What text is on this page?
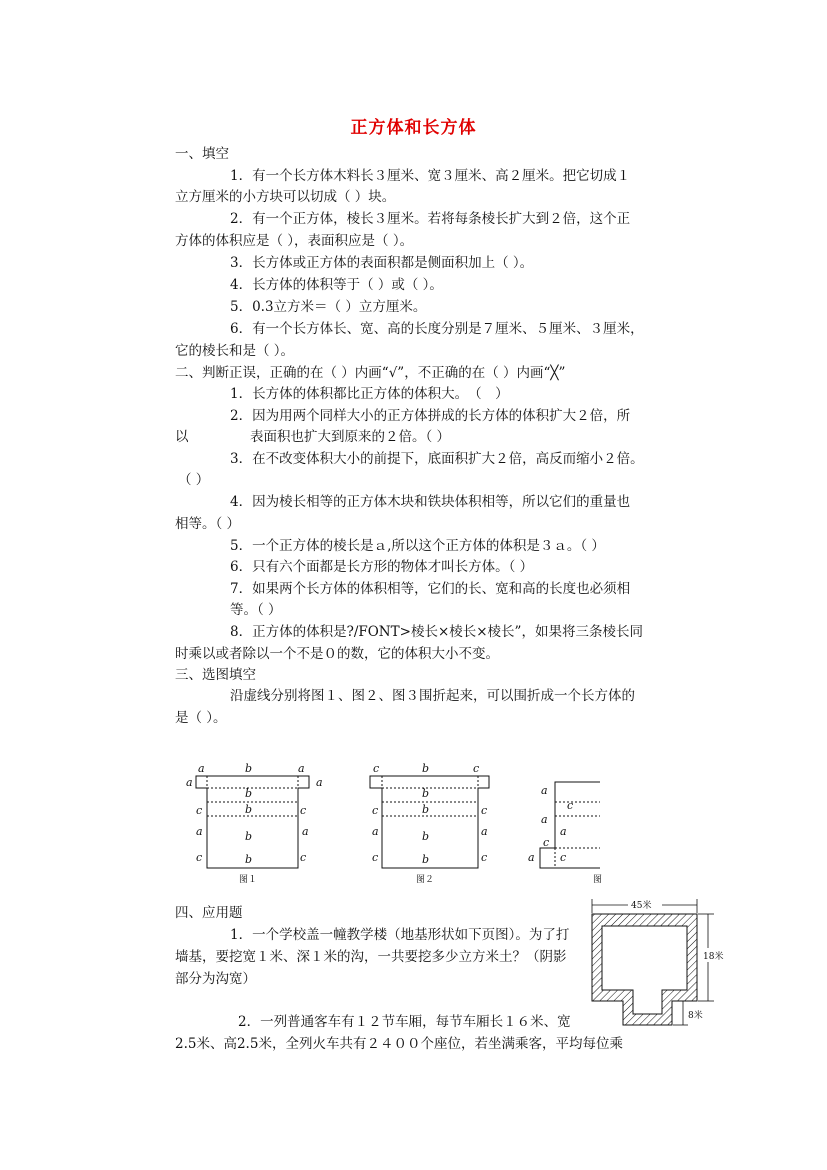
正方体和长方体
一、填空
1．有一个长方体木料长３厘米、宽３厘米、高２厘米。把它切成１
立方厘米的小方块可以切成（ ）块。
2．有一个正方体，棱长３厘米。若将每条棱长扩大到２倍，这个正
方体的体积应是（ ），表面积应是（ ）。
3．长方体或正方体的表面积都是侧面积加上（ ）。
4．长方体的体积等于（ ）或（ ）。
5．0.3立方米＝（ ）立方厘米。
6．有一个长方体长、宽、高的长度分别是７厘米、５厘米、３厘米，
它的棱长和是（ ）。
二、判断正误，正确的在（ ）内画“√”，不正确的在（ ）内画“╳”
1．长方体的体积都比正方体的体积大。　（　）
2．因为用两个同样大小的正方体拼成的长方体的体积扩大２倍，所
以	表面积也扩大到原来的２倍。（ ）
3．在不改变体积大小的前提下，底面积扩大２倍，高反而缩小２倍。
（ ）
4．因为棱长相等的正方体木块和铁块体积相等，所以它们的重量也
相等。（ ）
5．一个正方体的棱长是ａ,所以这个正方体的体积是３ａ。（ ）
6．只有六个面都是长方形的物体才叫长方体。（ ）
7．如果两个长方体的体积相等，它们的长、宽和高的长度也必须相
等。（ ）
8．正方体的体积是?/FONT>棱长×棱长×棱长”，如果将三条棱长同
时乘以或者除以一个不是０的数，它的体积大小不变。
三、选图填空
沿虚线分别将图１、图２、图３围折起来，可以围折成一个长方体的
是（ ）。
a	b	a
a	a
b
c	b	c
a	b	a
c	b	c
图１
c	b	c
b
c	b	c
a	b	a
c	b	c
图２
a
c
a
a
c
a c
图
四、应用题
1．一个学校盖一幢教学楼（地基形状如下页图）。为了打
墙基，要挖宽１米、深１米的沟，一共要挖多少立方米土？（阴影
部分为沟宽）
2．一列普通客车有１２节车厢，每节车厢长１６米、宽
2.5米、高2.5米，全列火车共有２４００个座位，若坐满乘客，平均每位乘
45米
18米
8米
